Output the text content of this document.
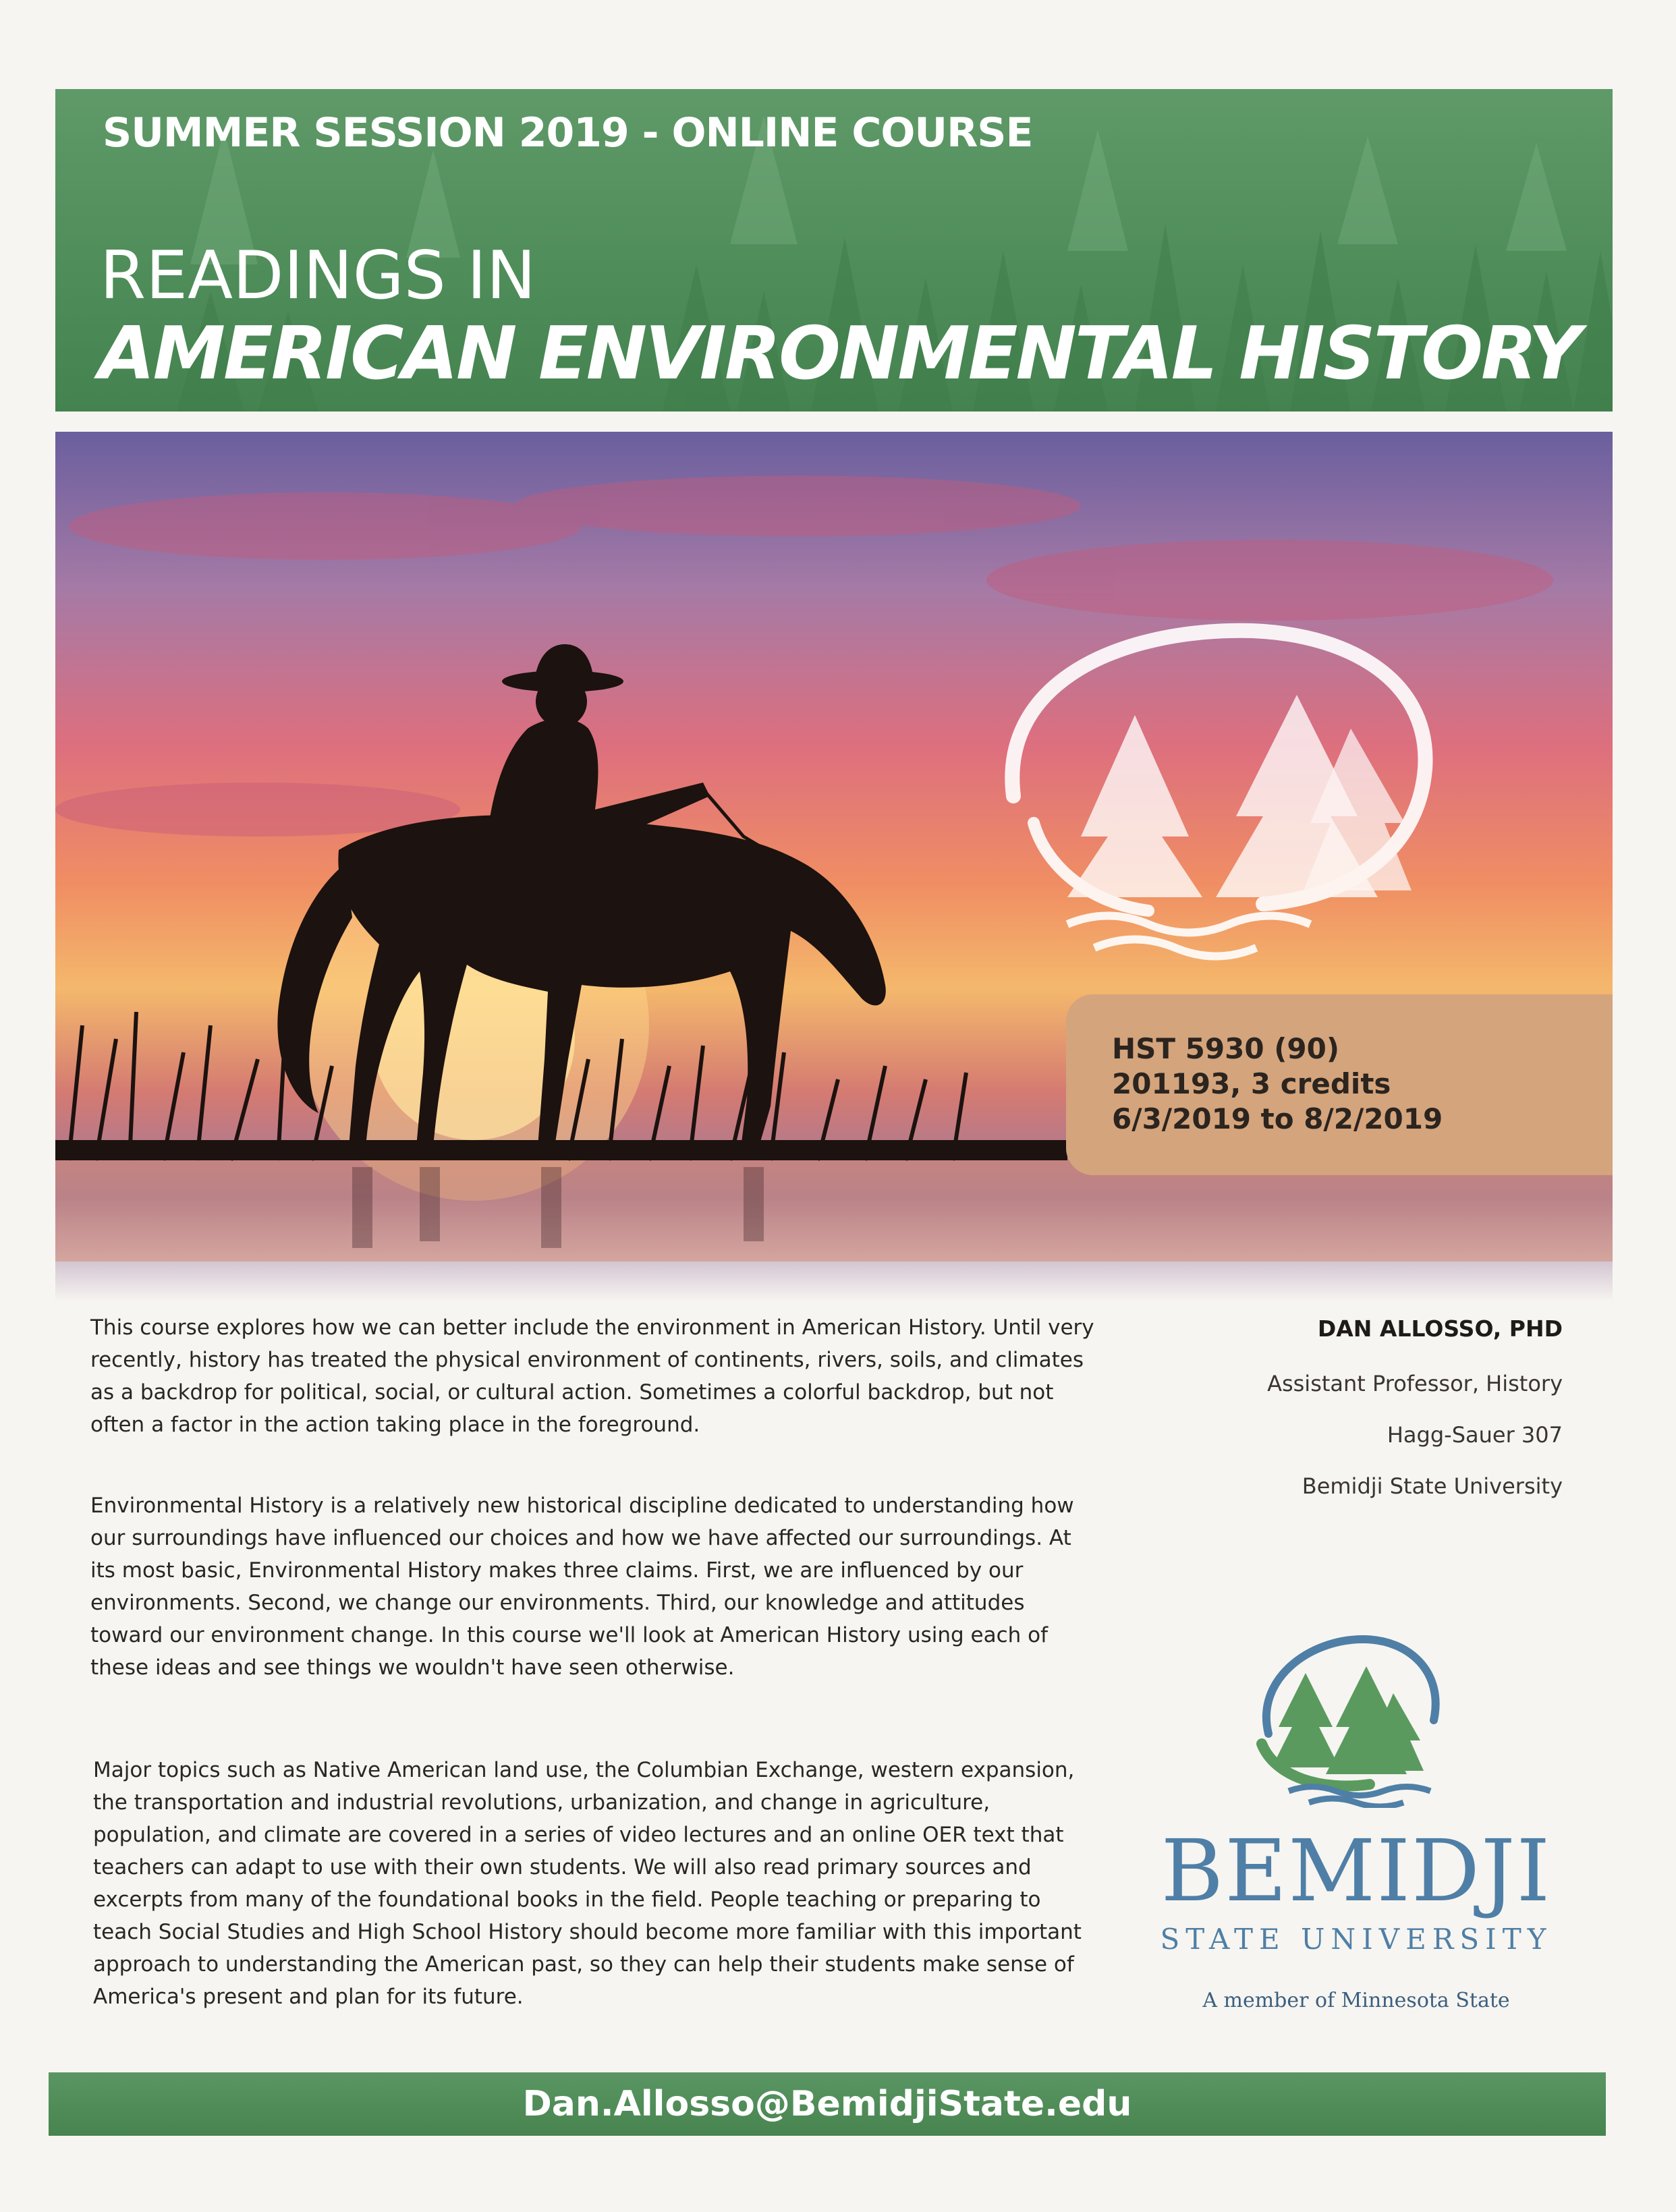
SUMMER SESSION 2019 - ONLINE COURSE

READINGS IN

AMERICAN ENVIRONMENTAL HISTORY

HST 5930 (90)

201193, 3 credits

6/3/2019 to 8/2/2019

This course explores how we can better include the environment in American History. Until very recently, history has treated the physical environment of continents, rivers, soils, and climates as a backdrop for political, social, or cultural action. Sometimes a colorful backdrop, but not often a factor in the action taking place in the foreground.

Environmental History is a relatively new historical discipline dedicated to understanding how our surroundings have influenced our choices and how we have affected our surroundings. At its most basic, Environmental History makes three claims. First, we are influenced by our environments. Second, we change our environments. Third, our knowledge and attitudes toward our environment change. In this course we'll look at American History using each of these ideas and see things we wouldn't have seen otherwise.

Major topics such as Native American land use, the Columbian Exchange, western expansion, the transportation and industrial revolutions, urbanization, and change in agriculture, population, and climate are covered in a series of video lectures and an online OER text that teachers can adapt to use with their own students. We will also read primary sources and excerpts from many of the foundational books in the field. People teaching or preparing to teach Social Studies and High School History should become more familiar with this important approach to understanding the American past, so they can help their students make sense of America's present and plan for its future.

DAN ALLOSSO, PHD

Assistant Professor, History

Hagg-Sauer 307

Bemidji State University

BEMIDJI

STATE UNIVERSITY

A member of Minnesota State

Dan.Allosso@BemidjiState.edu
